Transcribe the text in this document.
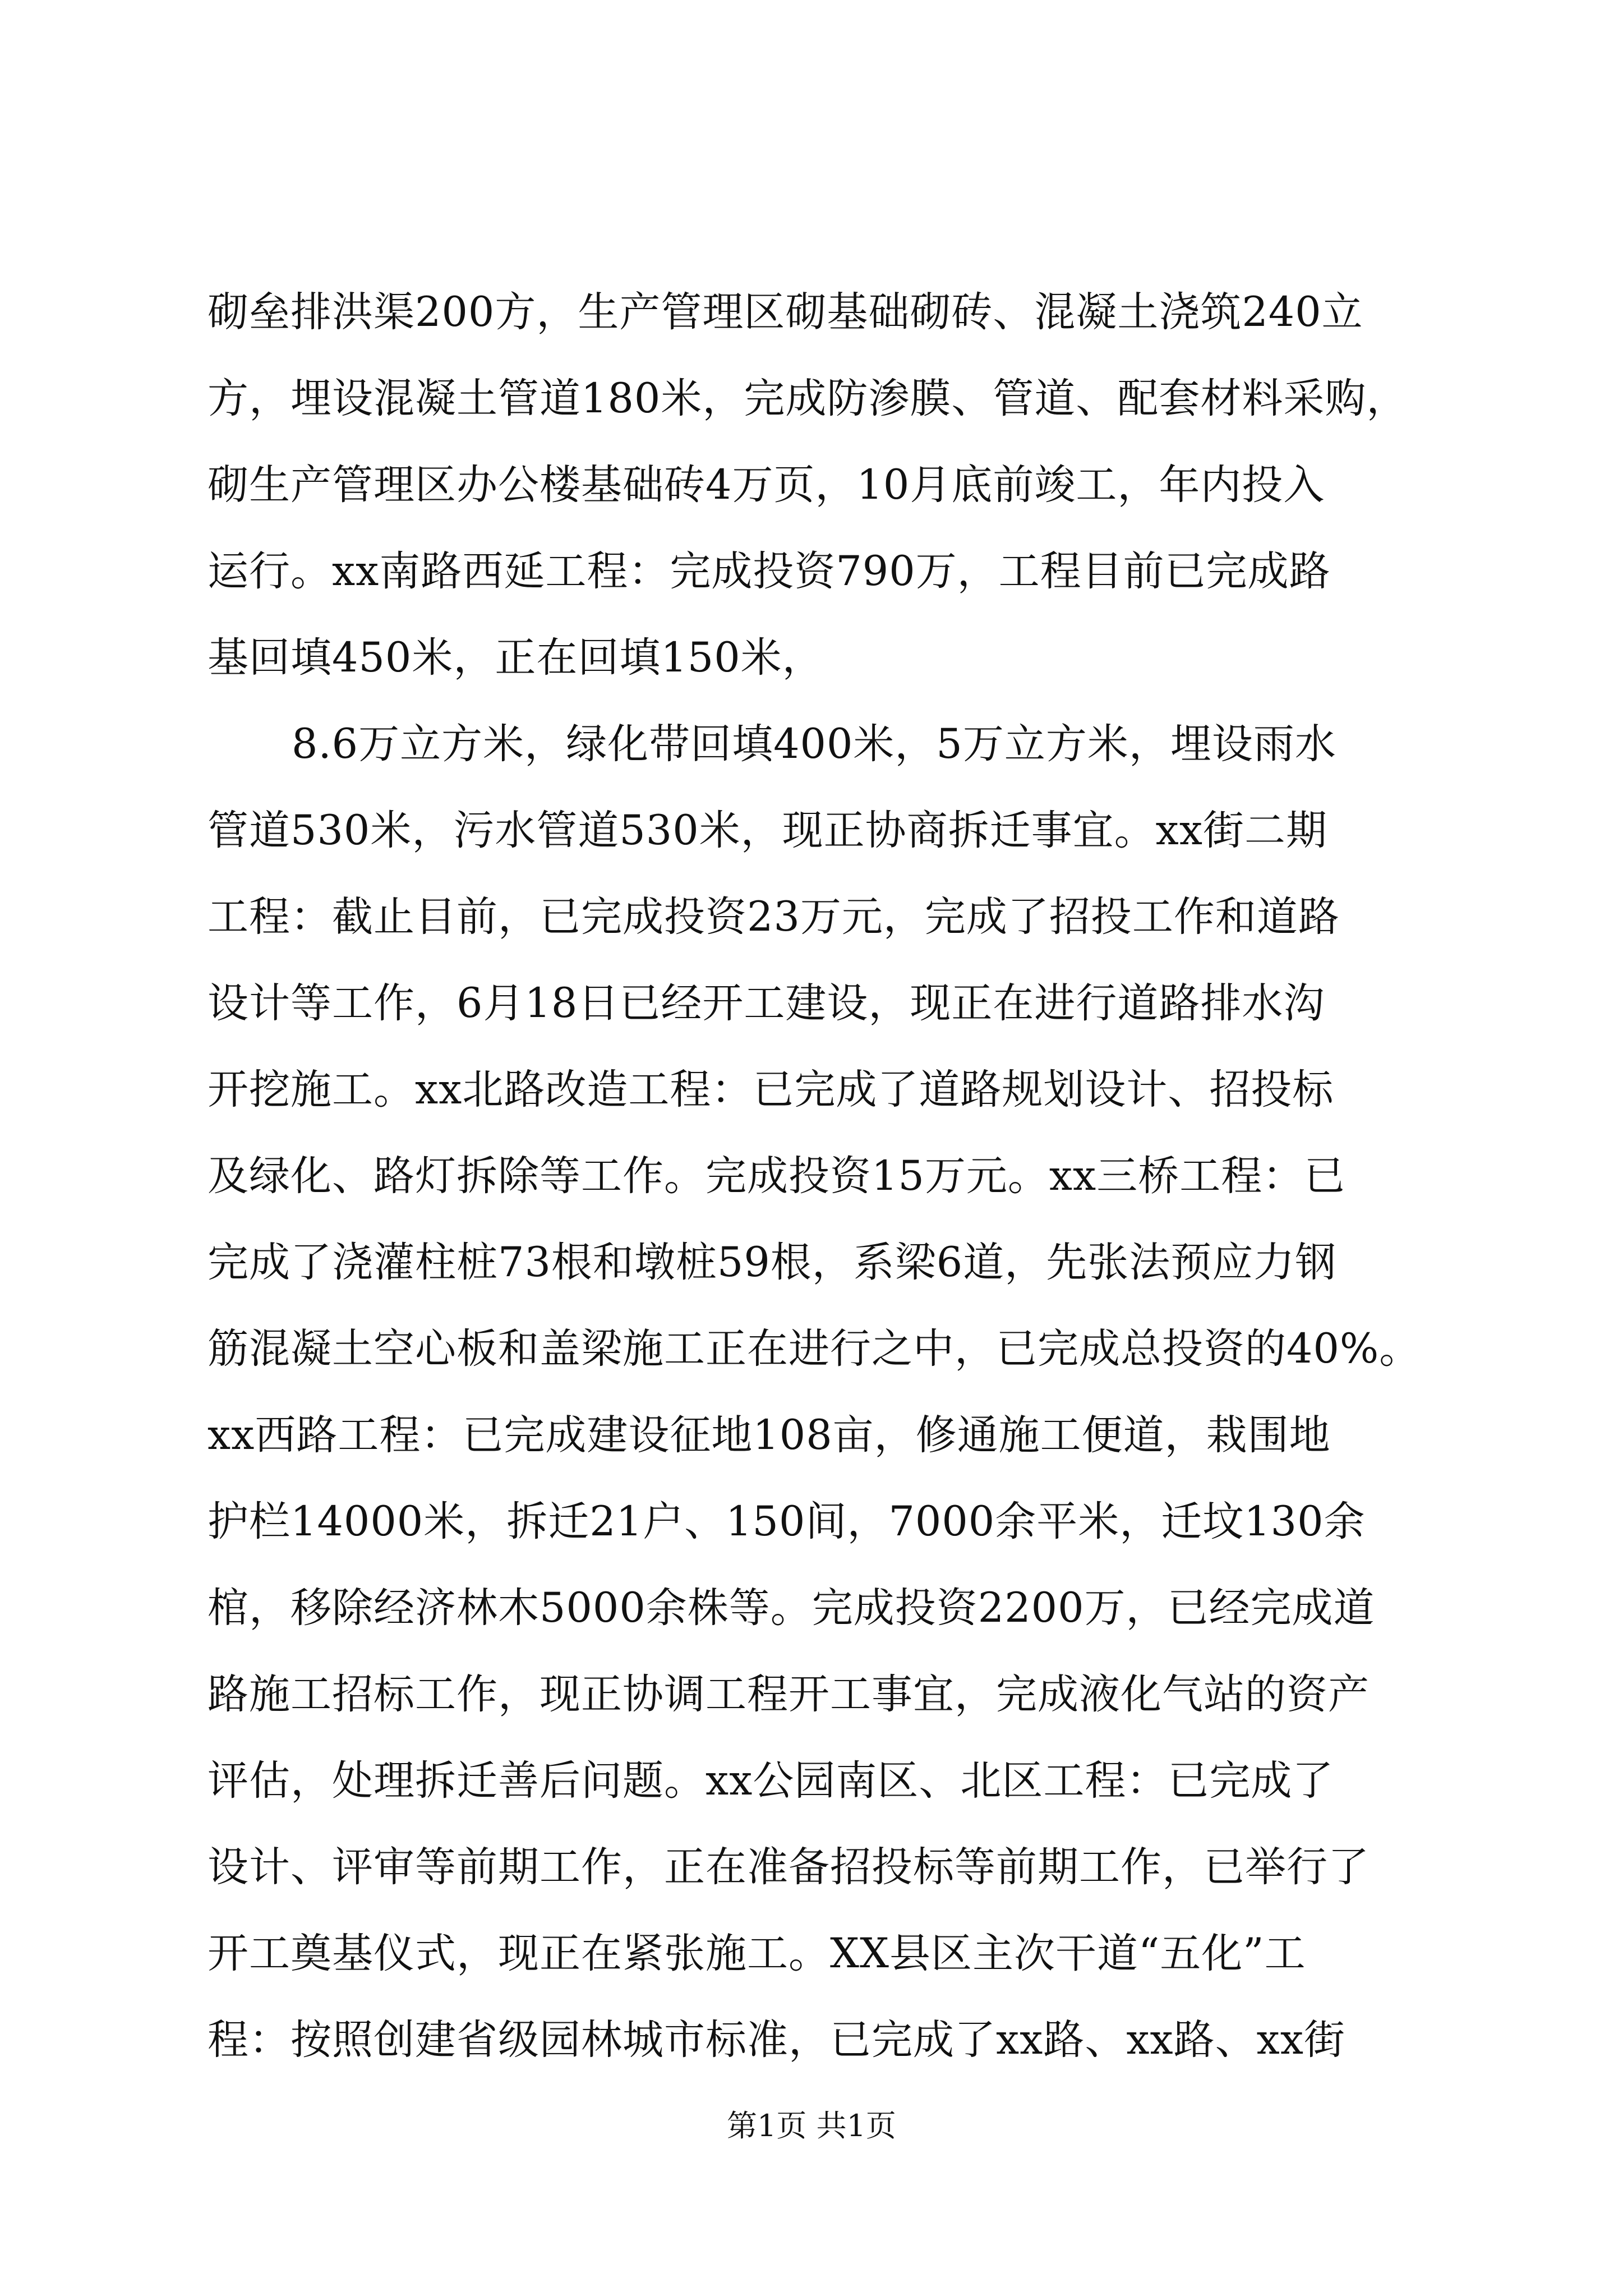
砌垒排洪渠200方，生产管理区砌基础砌砖、混凝土浇筑240立
方，埋设混凝土管道180米，完成防渗膜、管道、配套材料采购，
砌生产管理区办公楼基础砖4万页，10月底前竣工，年内投入
运行。xx南路西延工程：完成投资790万，工程目前已完成路
基回填450米，正在回填150米，
8.6万立方米，绿化带回填400米，5万立方米，埋设雨水
管道530米，污水管道530米，现正协商拆迁事宜。xx街二期
工程：截止目前，已完成投资23万元，完成了招投工作和道路
设计等工作，6月18日已经开工建设，现正在进行道路排水沟
开挖施工。xx北路改造工程：已完成了道路规划设计、招投标
及绿化、路灯拆除等工作。完成投资15万元。xx三桥工程：已
完成了浇灌柱桩73根和墩桩59根，系梁6道，先张法预应力钢
筋混凝土空心板和盖梁施工正在进行之中，已完成总投资的40%。
xx西路工程：已完成建设征地108亩，修通施工便道，栽围地
护栏14000米，拆迁21户、150间，7000余平米，迁坟130余
棺，移除经济林木5000余株等。完成投资2200万，已经完成道
路施工招标工作，现正协调工程开工事宜，完成液化气站的资产
评估，处理拆迁善后问题。xx公园南区、北区工程：已完成了
设计、评审等前期工作，正在准备招投标等前期工作，已举行了
开工奠基仪式，现正在紧张施工。XX县区主次干道“五化”工
程：按照创建省级园林城市标准，已完成了xx路、xx路、xx街
第1页 共1页
